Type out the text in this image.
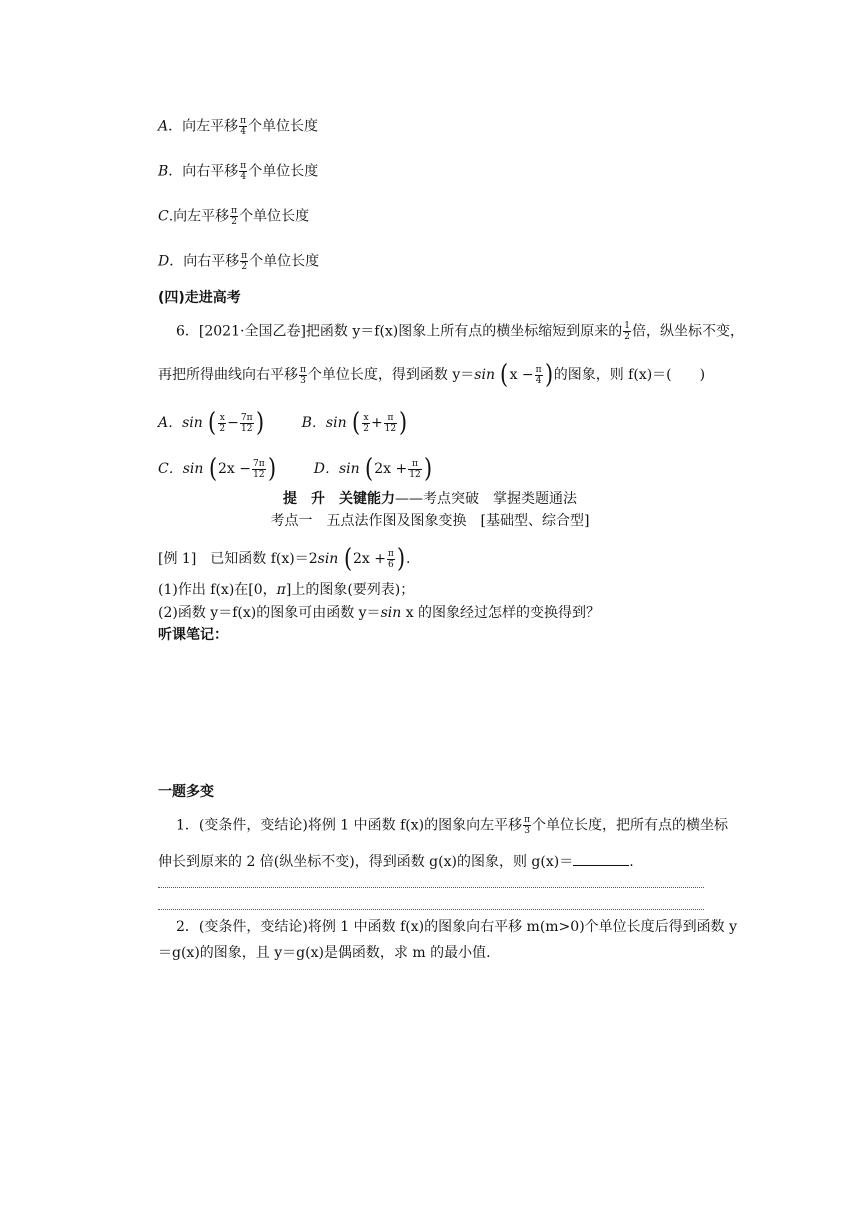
A．向左平移 $\frac{\pi}{4}$ 个单位长度
B．向右平移 $\frac{\pi}{4}$ 个单位长度
C.向左平移 $\frac{\pi}{2}$ 个单位长度
D．向右平移 $\frac{\pi}{2}$ 个单位长度
(四)走进高考
6．[2021·全国乙卷]把函数 y＝f(x)图象上所有点的横坐标缩短到原来的 $\frac{1}{2}$ 倍，纵坐标不变，
再把所得曲线向右平移 $\frac{\pi}{3}$ 个单位长度，得到函数 y＝sin ($x - \frac{\pi}{4}$ )的图象，则 f(x)＝(　　)
A．sin ( $\frac{x}{2} - \frac{7\pi}{12}$ )	B．sin ( $\frac{x}{2} + \frac{\pi}{12}$ )
C．$\sin (2x - \frac{7\pi}{12}$ )	D．$\sin (2x + \frac{\pi}{12}$ )
提　升　关键能力——考点突破　掌握类题通法
考点一　五点法作图及图象变换　[基础型、综合型]
[例 1]　已知函数 f(x)＝2sin ($2x + \frac{\pi}{6}$ ).
(1)作出 f(x)在[0，π]上的图象(要列表)；
(2)函数 y＝f(x)的图象可由函数 y＝sin x 的图象经过怎样的变换得到？
听课笔记：
一题多变
1．(变条件，变结论)将例 1 中函数 f(x)的图象向左平移 $\frac{\pi}{3}$ 个单位长度，把所有点的横坐标
伸长到原来的 2 倍(纵坐标不变)，得到函数 g(x)的图象，则 g(x)＝	.
2．(变条件，变结论)将例 1 中函数 f(x)的图象向右平移 m(m>0)个单位长度后得到函数 y
＝g(x)的图象，且 y＝g(x)是偶函数，求 m 的最小值.
